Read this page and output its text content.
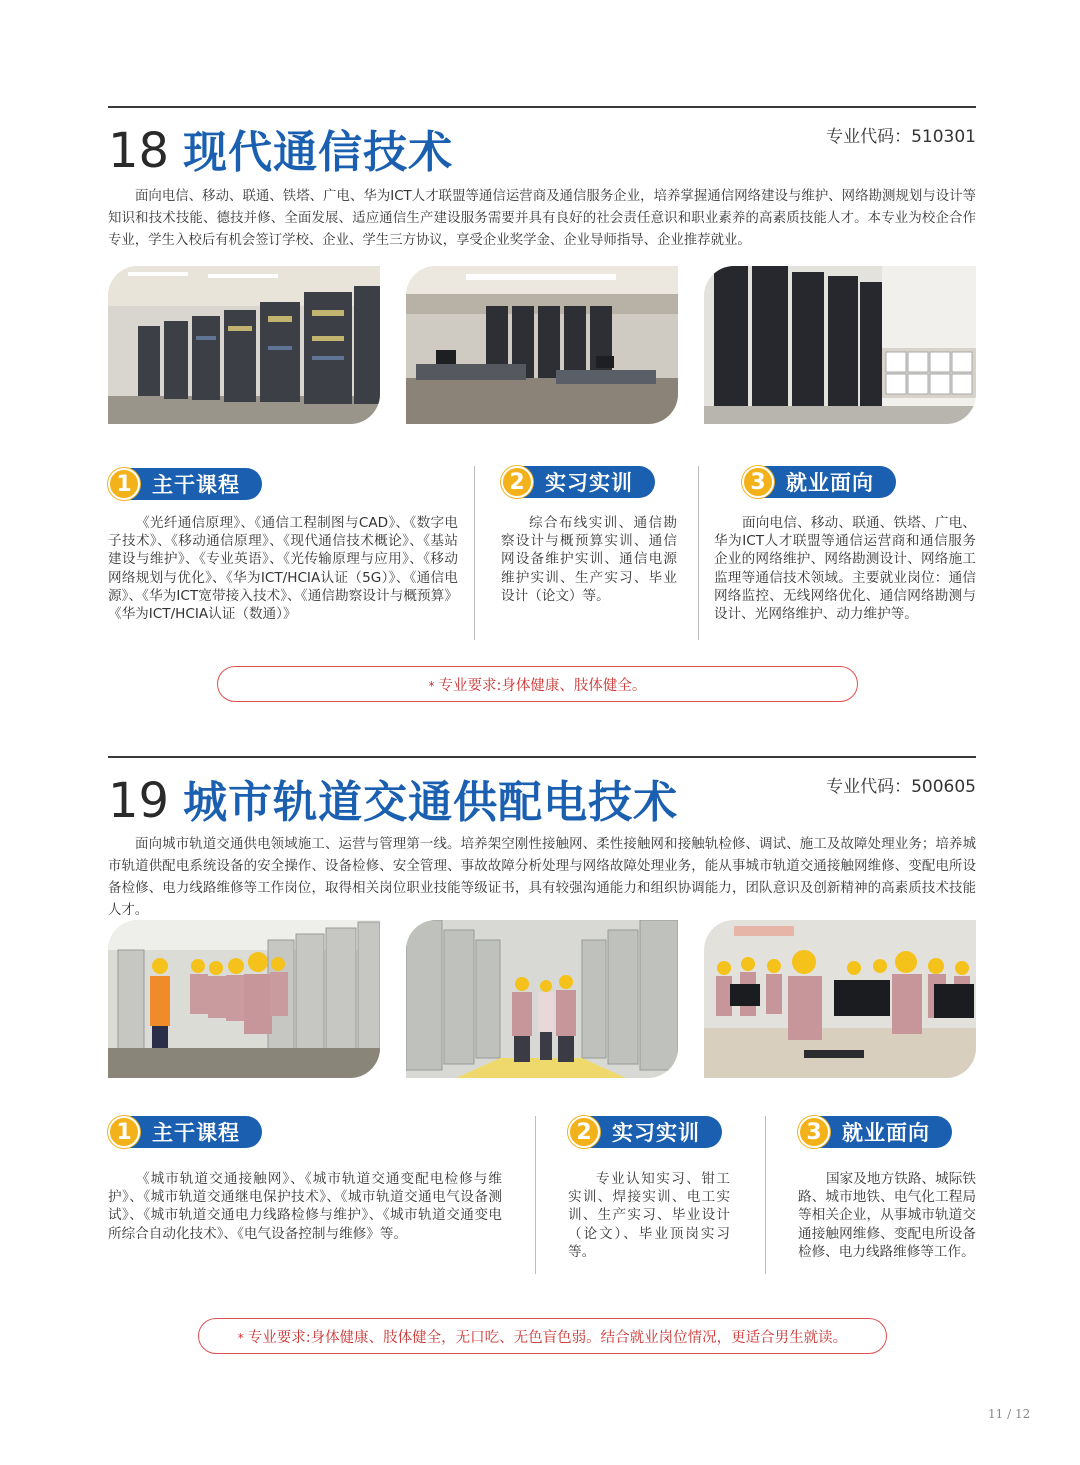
18 现代通信技术	专业代码：510301
面向电信、移动、联通、铁塔、广电、华为ICT人才联盟等通信运营商及通信服务企业，培养掌握通信网络建设与维护、网络勘测规划与设计等知识和技术技能、德技并修、全面发展、适应通信生产建设服务需要并具有良好的社会责任意识和职业素养的高素质技能人才。本专业为校企合作专业，学生入校后有机会签订学校、企业、学生三方协议，享受企业奖学金、企业导师指导、企业推荐就业。
1 主干课程	2 实习实训	3 就业面向
《光纤通信原理》、《通信工程制图与CAD》、《数字电子技术》、《移动通信原理》、《现代通信技术概论》、《基站建设与维护》、《专业英语》、《光传输原理与应用》、《移动网络规划与优化》、《华为ICT/HCIA认证（5G）》、《通信电源》、《华为ICT宽带接入技术》、《通信勘察设计与概预算》《华为ICT/HCIA认证（数通）》
综合布线实训、通信勘察设计与概预算实训、通信网设备维护实训、通信电源维护实训、生产实习、毕业设计（论文）等。
面向电信、移动、联通、铁塔、广电、华为ICT人才联盟等通信运营商和通信服务企业的网络维护、网络勘测设计、网络施工监理等通信技术领域。主要就业岗位：通信网络监控、无线网络优化、通信网络勘测与设计、光网络维护、动力维护等。
* 专业要求:身体健康、肢体健全。
19 城市轨道交通供配电技术	专业代码：500605
面向城市轨道交通供电领域施工、运营与管理第一线。培养架空刚性接触网、柔性接触网和接触轨检修、调试、施工及故障处理业务；培养城市轨道供配电系统设备的安全操作、设备检修、安全管理、事故故障分析处理与网络故障处理业务，能从事城市轨道交通接触网维修、变配电所设备检修、电力线路维修等工作岗位，取得相关岗位职业技能等级证书，具有较强沟通能力和组织协调能力，团队意识及创新精神的高素质技术技能人才。
1 主干课程	2 实习实训	3 就业面向
《城市轨道交通接触网》、《城市轨道交通变配电检修与维护》、《城市轨道交通继电保护技术》、《城市轨道交通电气设备测试》、《城市轨道交通电力线路检修与维护》、《城市轨道交通变电所综合自动化技术》、《电气设备控制与维修》等。
专业认知实习、钳工实训、焊接实训、电工实训、生产实习、毕业设计（论文）、毕业顶岗实习等。
国家及地方铁路、城际铁路、城市地铁、电气化工程局等相关企业，从事城市轨道交通接触网维修、变配电所设备检修、电力线路维修等工作。
* 专业要求:身体健康、肢体健全，无口吃、无色盲色弱。结合就业岗位情况，更适合男生就读。
11 / 12
